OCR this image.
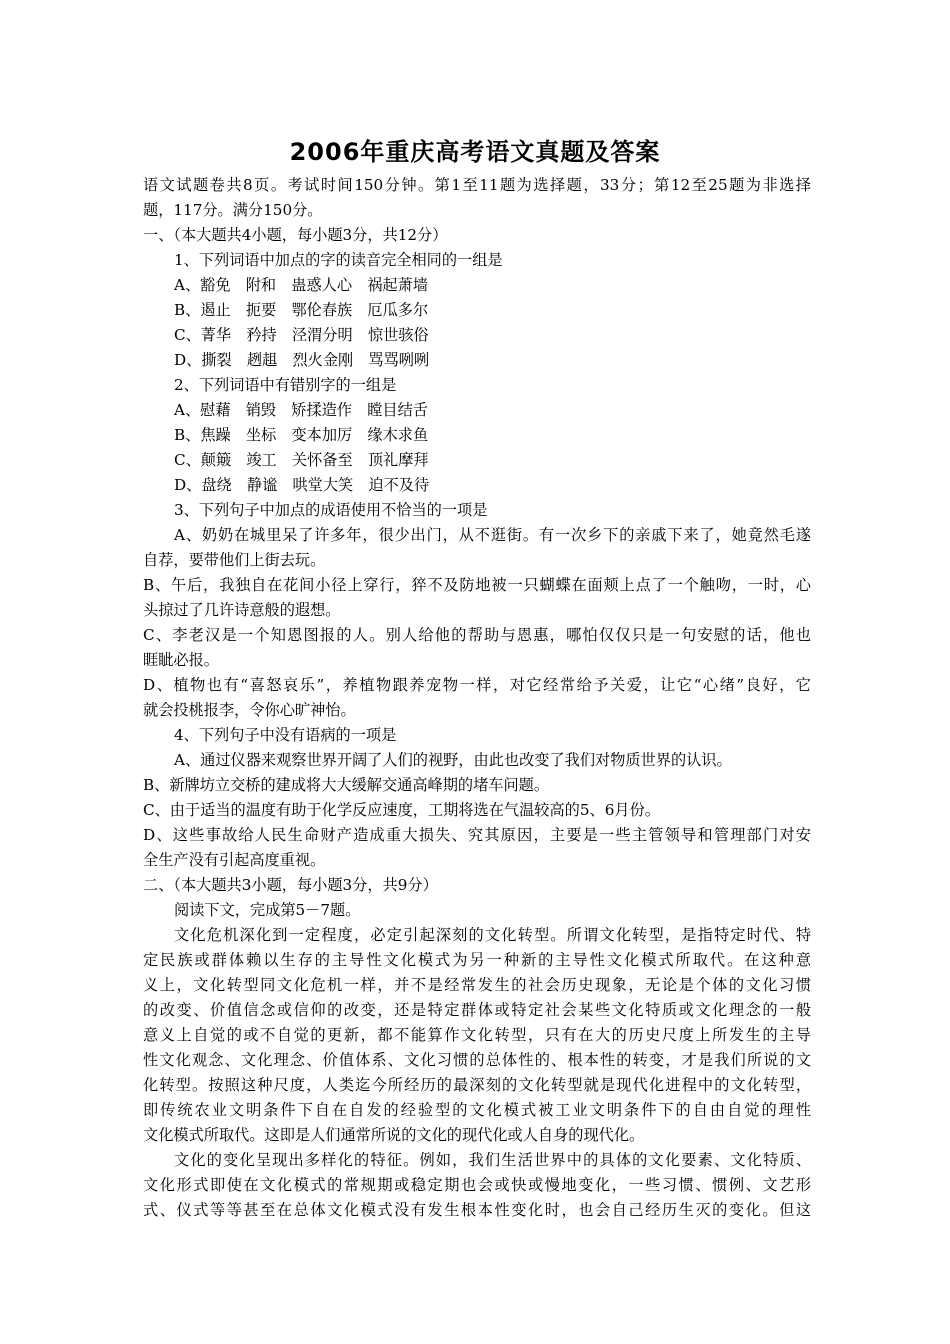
2006年重庆高考语文真题及答案
语文试题卷共8页。考试时间150分钟。第1至11题为选择题，33分；第12至25题为非选择
题，117分。满分150分。
一、（本大题共4小题，每小题3分，共12分）
1、下列词语中加点的字的读音完全相同的一组是
A、豁免　附和　蛊惑人心　祸起萧墙
B、遏止　扼要　鄂伦春族　厄瓜多尔
C、菁华　矜持　泾渭分明　惊世骇俗
D、撕裂　趔趄　烈火金刚　骂骂咧咧
2、下列词语中有错别字的一组是
A、慰藉　销毁　矫揉造作　瞠目结舌
B、焦躁　坐标　变本加厉　缘木求鱼
C、颠簸　竣工　关怀备至　顶礼摩拜
D、盘绕　静谧　哄堂大笑　迫不及待
3、下列句子中加点的成语使用不恰当的一项是
A、奶奶在城里呆了许多年，很少出门，从不逛街。有一次乡下的亲戚下来了，她竟然毛遂
自荐，要带他们上街去玩。
B、午后，我独自在花间小径上穿行，猝不及防地被一只蝴蝶在面颊上点了一个触吻，一时，心
头掠过了几许诗意般的遐想。
C、李老汉是一个知恩图报的人。别人给他的帮助与恩惠，哪怕仅仅只是一句安慰的话，他也
睚眦必报。
D、植物也有“喜怒哀乐”，养植物跟养宠物一样，对它经常给予关爱，让它“心绪”良好，它
就会投桃报李，令你心旷神怡。
4、下列句子中没有语病的一项是
A、通过仪器来观察世界开阔了人们的视野，由此也改变了我们对物质世界的认识。
B、新牌坊立交桥的建成将大大缓解交通高峰期的堵车问题。
C、由于适当的温度有助于化学反应速度，工期将选在气温较高的5、6月份。
D、这些事故给人民生命财产造成重大损失、究其原因，主要是一些主管领导和管理部门对安
全生产没有引起高度重视。
二、（本大题共3小题，每小题3分，共9分）
阅读下文，完成第5－7题。
文化危机深化到一定程度，必定引起深刻的文化转型。所谓文化转型，是指特定时代、特
定民族或群体赖以生存的主导性文化模式为另一种新的主导性文化模式所取代。在这种意
义上，文化转型同文化危机一样，并不是经常发生的社会历史现象，无论是个体的文化习惯
的改变、价值信念或信仰的改变，还是特定群体或特定社会某些文化特质或文化理念的一般
意义上自觉的或不自觉的更新，都不能算作文化转型，只有在大的历史尺度上所发生的主导
性文化观念、文化理念、价值体系、文化习惯的总体性的、根本性的转变，才是我们所说的文
化转型。按照这种尺度，人类迄今所经历的最深刻的文化转型就是现代化进程中的文化转型，
即传统农业文明条件下自在自发的经验型的文化模式被工业文明条件下的自由自觉的理性
文化模式所取代。这即是人们通常所说的文化的现代化或人自身的现代化。
文化的变化呈现出多样化的特征。例如，我们生活世界中的具体的文化要素、文化特质、
文化形式即使在文化模式的常规期或稳定期也会或快或慢地变化，一些习惯、惯例、文艺形
式、仪式等等甚至在总体文化模式没有发生根本性变化时，也会自己经历生灭的变化。但这
